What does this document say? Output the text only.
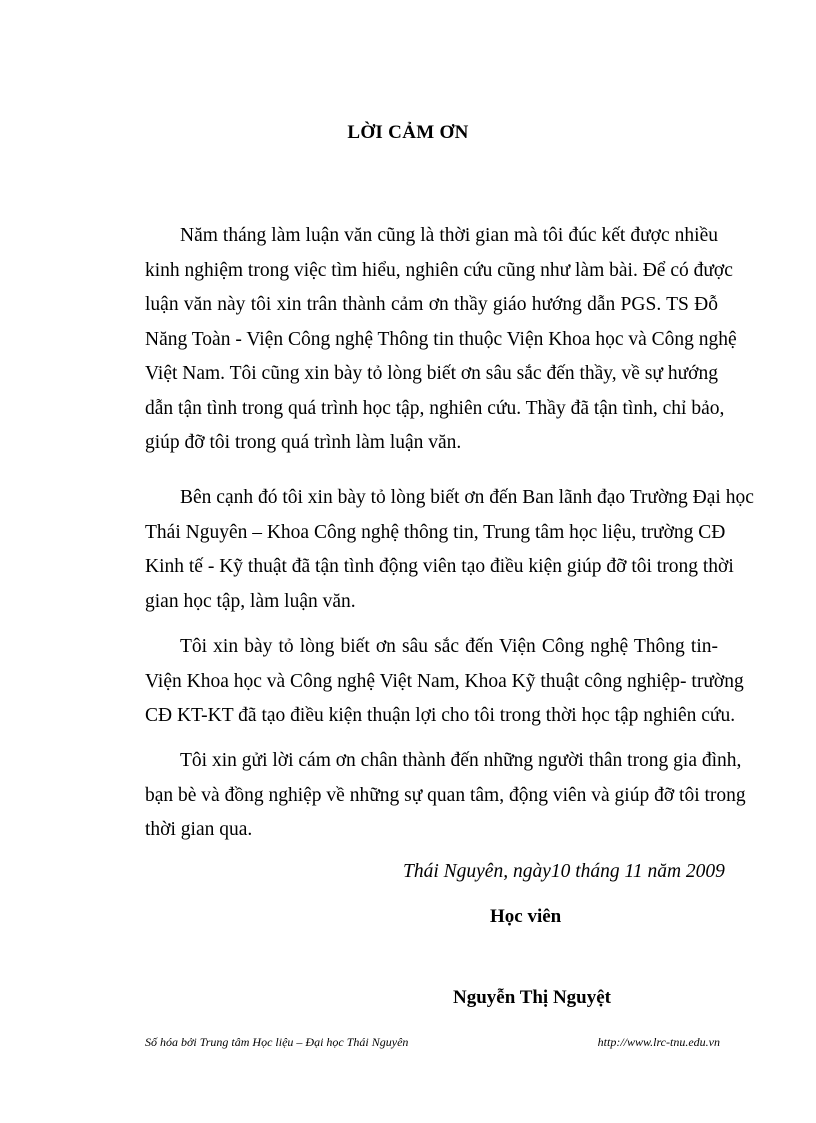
LỜI CẢM ƠN
Năm tháng làm luận văn cũng là thời gian mà tôi đúc kết được nhiều
kinh nghiệm trong việc tìm hiểu, nghiên cứu cũng như làm bài. Để có được
luận văn này tôi xin trân thành cảm ơn thầy giáo hướng dẫn PGS. TS Đỗ
Năng Toàn - Viện Công nghệ Thông tin thuộc Viện Khoa học và Công nghệ
Việt Nam. Tôi cũng xin bày tỏ lòng biết ơn sâu sắc đến thầy, về sự hướng
dẫn tận tình trong quá trình học tập, nghiên cứu. Thầy đã tận tình, chỉ bảo,
giúp đỡ tôi trong quá trình làm luận văn.
Bên cạnh đó tôi xin bày tỏ lòng biết ơn đến Ban lãnh đạo Trường Đại học
Thái Nguyên – Khoa Công nghệ thông tin, Trung tâm học liệu, trường CĐ
Kinh tế - Kỹ thuật đã tận tình động viên tạo điều kiện giúp đỡ tôi trong thời
gian học tập, làm luận văn.
Tôi xin bày tỏ lòng biết ơn sâu sắc đến Viện Công nghệ Thông tin-
Viện Khoa học và Công nghệ Việt Nam, Khoa Kỹ thuật công nghiệp- trường
CĐ KT-KT đã tạo điều kiện thuận lợi cho tôi trong thời học tập nghiên cứu.
Tôi xin gửi lời cám ơn chân thành đến những người thân trong gia đình,
bạn bè và đồng nghiệp về những sự quan tâm, động viên và giúp đỡ tôi trong
thời gian qua.
Thái Nguyên, ngày10 tháng 11 năm 2009
Học viên
Nguyễn Thị Nguyệt
Số hóa bởi Trung tâm Học liệu – Đại học Thái Nguyên	http://www.lrc-tnu.edu.vn
